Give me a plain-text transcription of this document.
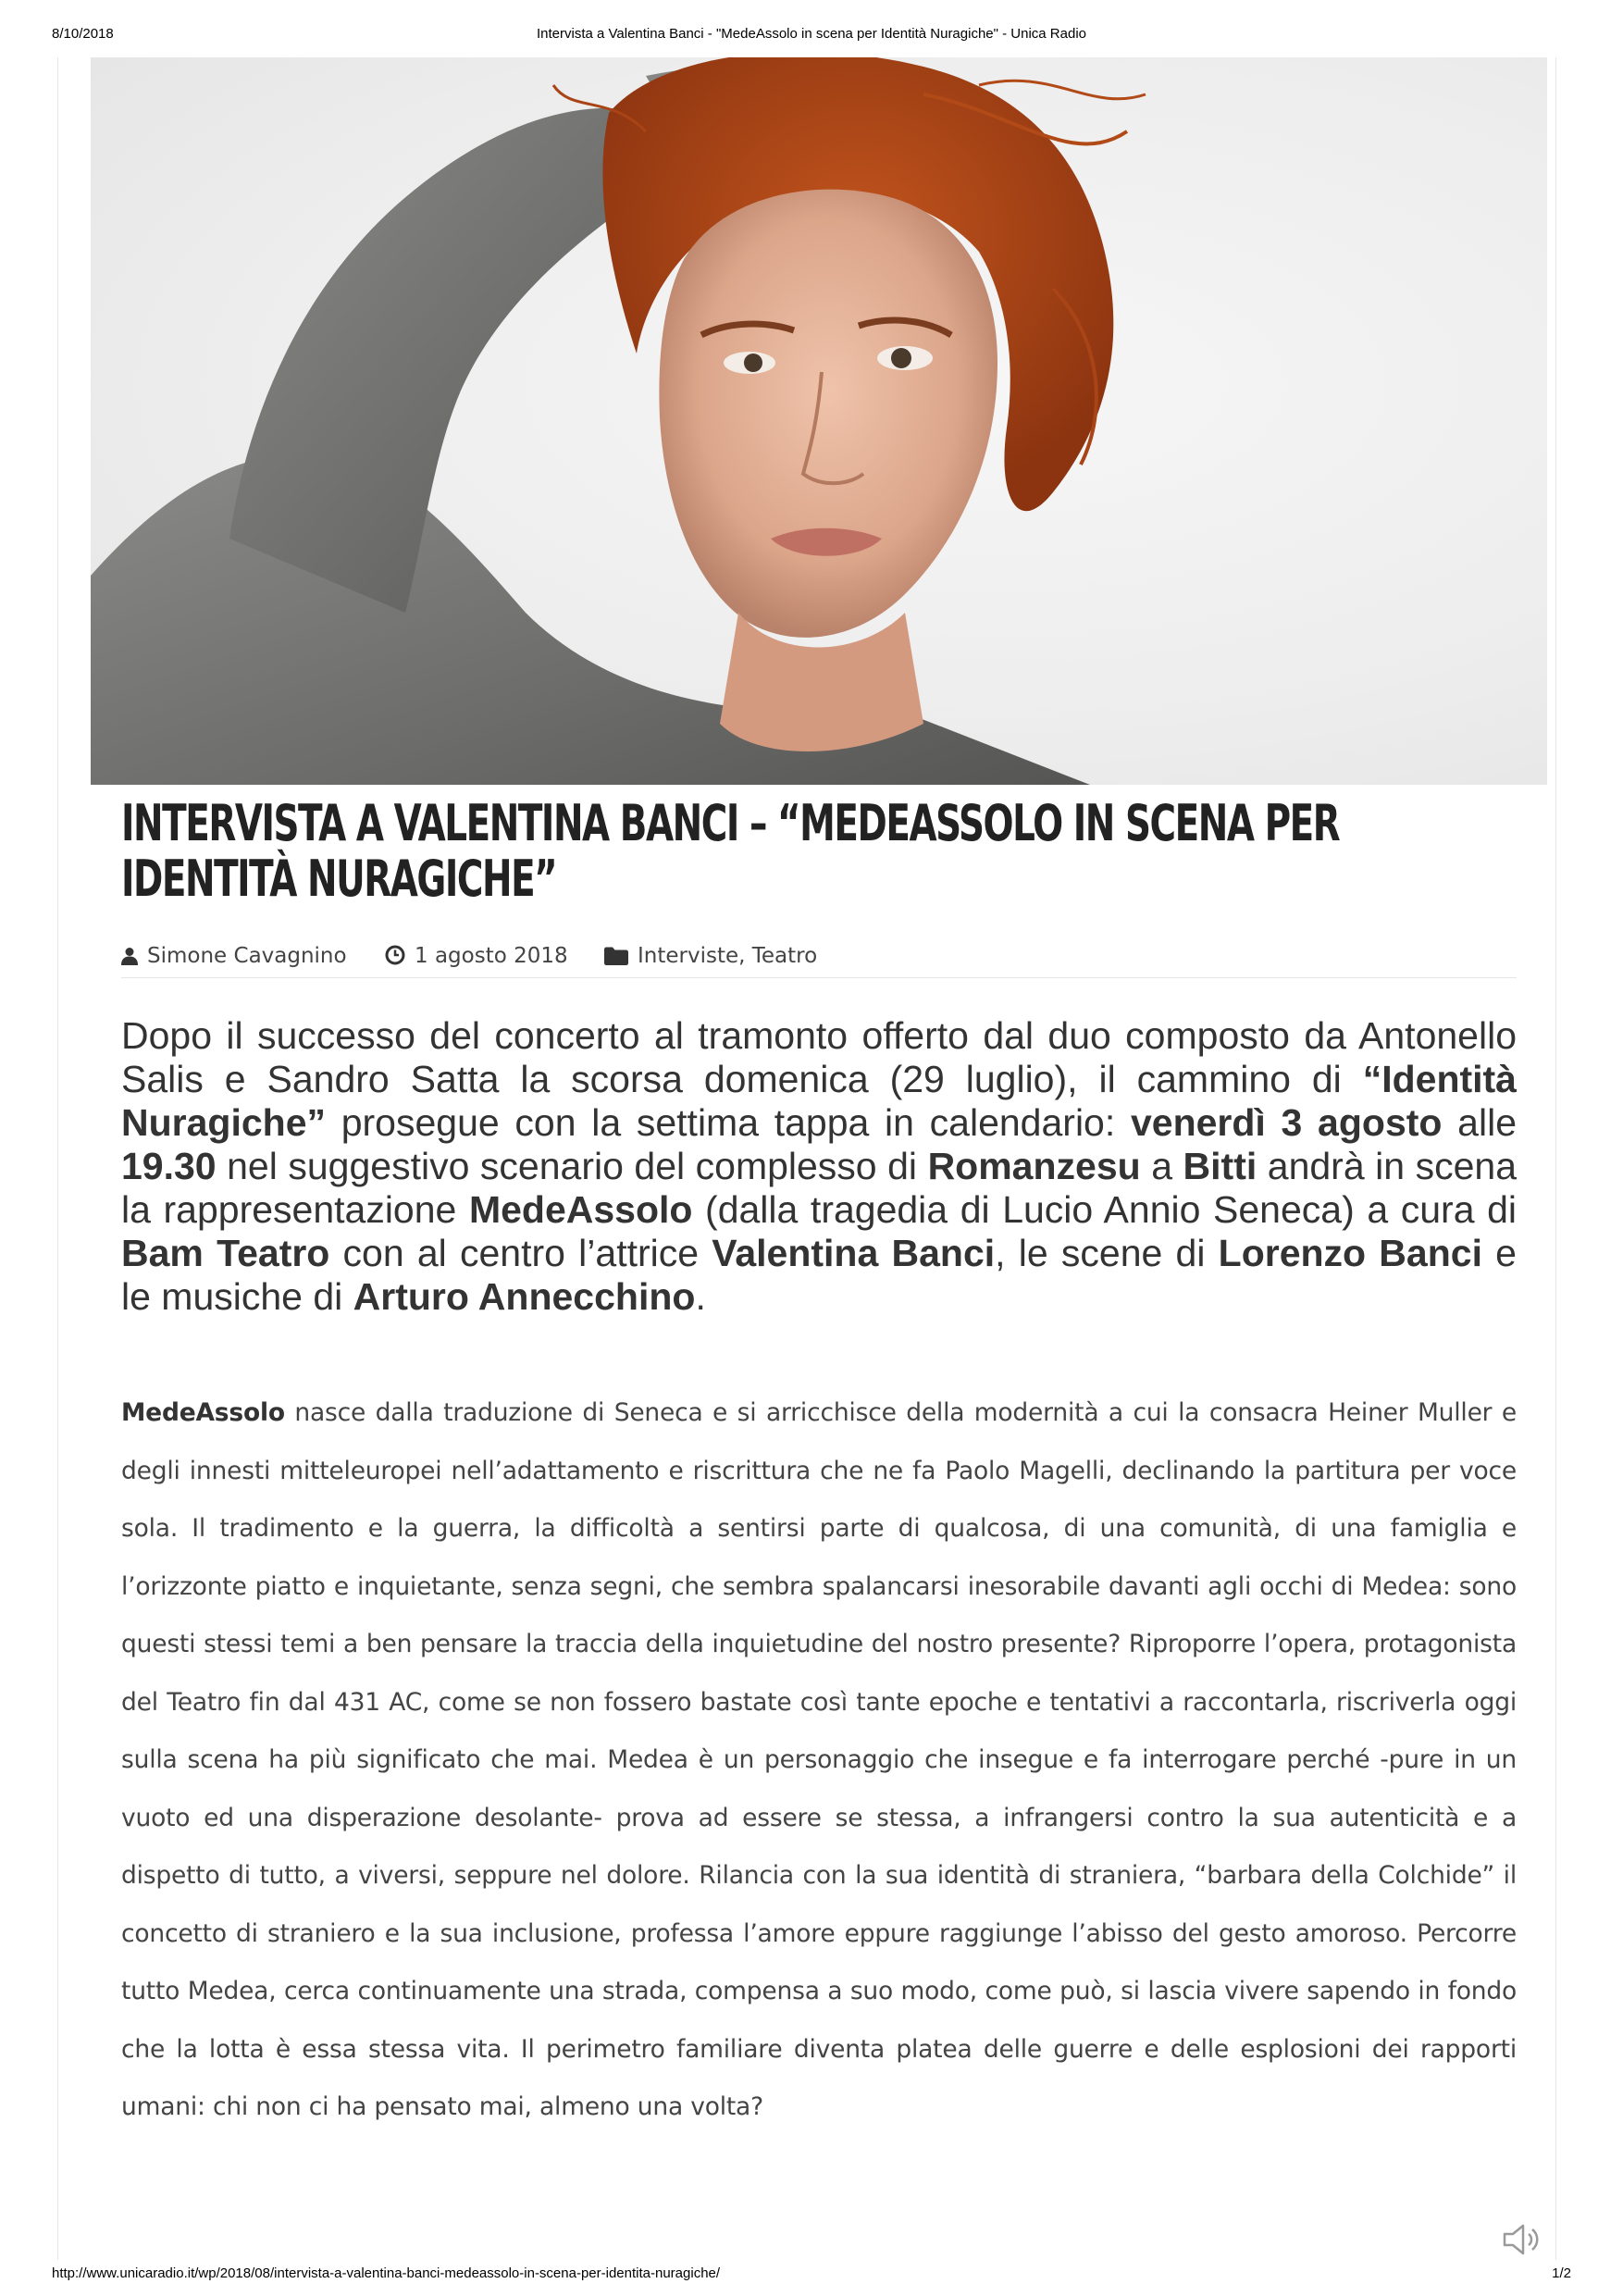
8/10/2018	Intervista a Valentina Banci - "MedeAssolo in scena per Identità Nuragiche" - Unica Radio
INTERVISTA A VALENTINA BANCI – “MEDEASSOLO IN SCENA PER IDENTITÀ NURAGICHE”
Simone Cavagnino	1 agosto 2018	Interviste, Teatro

Dopo il successo del concerto al tramonto offerto dal duo composto da Antonello Salis e Sandro Satta la scorsa domenica (29 luglio), il cammino di “Identità Nuragiche” prosegue con la settima tappa in calendario: venerdì 3 agosto alle 19.30 nel suggestivo scenario del complesso di Romanzesu a Bitti andrà in scena la rappresentazione MedeAssolo (dalla tragedia di Lucio Annio Seneca) a cura di Bam Teatro con al centro l’attrice Valentina Banci, le scene di Lorenzo Banci e le musiche di Arturo Annecchino.

MedeAssolo nasce dalla traduzione di Seneca e si arricchisce della modernità a cui la consacra Heiner Muller e degli innesti mitteleuropei nell’adattamento e riscrittura che ne fa Paolo Magelli, declinando la partitura per voce sola. Il tradimento e la guerra, la difficoltà a sentirsi parte di qualcosa, di una comunità, di una famiglia e l’orizzonte piatto e inquietante, senza segni, che sembra spalancarsi inesorabile davanti agli occhi di Medea: sono questi stessi temi a ben pensare la traccia della inquietudine del nostro presente? Riproporre l’opera, protagonista del Teatro fin dal 431 AC, come se non fossero bastate così tante epoche e tentativi a raccontarla, riscriverla oggi sulla scena ha più significato che mai. Medea è un personaggio che insegue e fa interrogare perché -pure in un vuoto ed una disperazione desolante- prova ad essere se stessa, a infrangersi contro la sua autenticità e a dispetto di tutto, a viversi, seppure nel dolore. Rilancia con la sua identità di straniera, “barbara della Colchide” il concetto di straniero e la sua inclusione, professa l’amore eppure raggiunge l’abisso del gesto amoroso. Percorre tutto Medea, cerca continuamente una strada, compensa a suo modo, come può, si lascia vivere sapendo in fondo che la lotta è essa stessa vita. Il perimetro familiare diventa platea delle guerre e delle esplosioni dei rapporti umani: chi non ci ha pensato mai, almeno una volta?

http://www.unicaradio.it/wp/2018/08/intervista-a-valentina-banci-medeassolo-in-scena-per-identita-nuragiche/	1/2
